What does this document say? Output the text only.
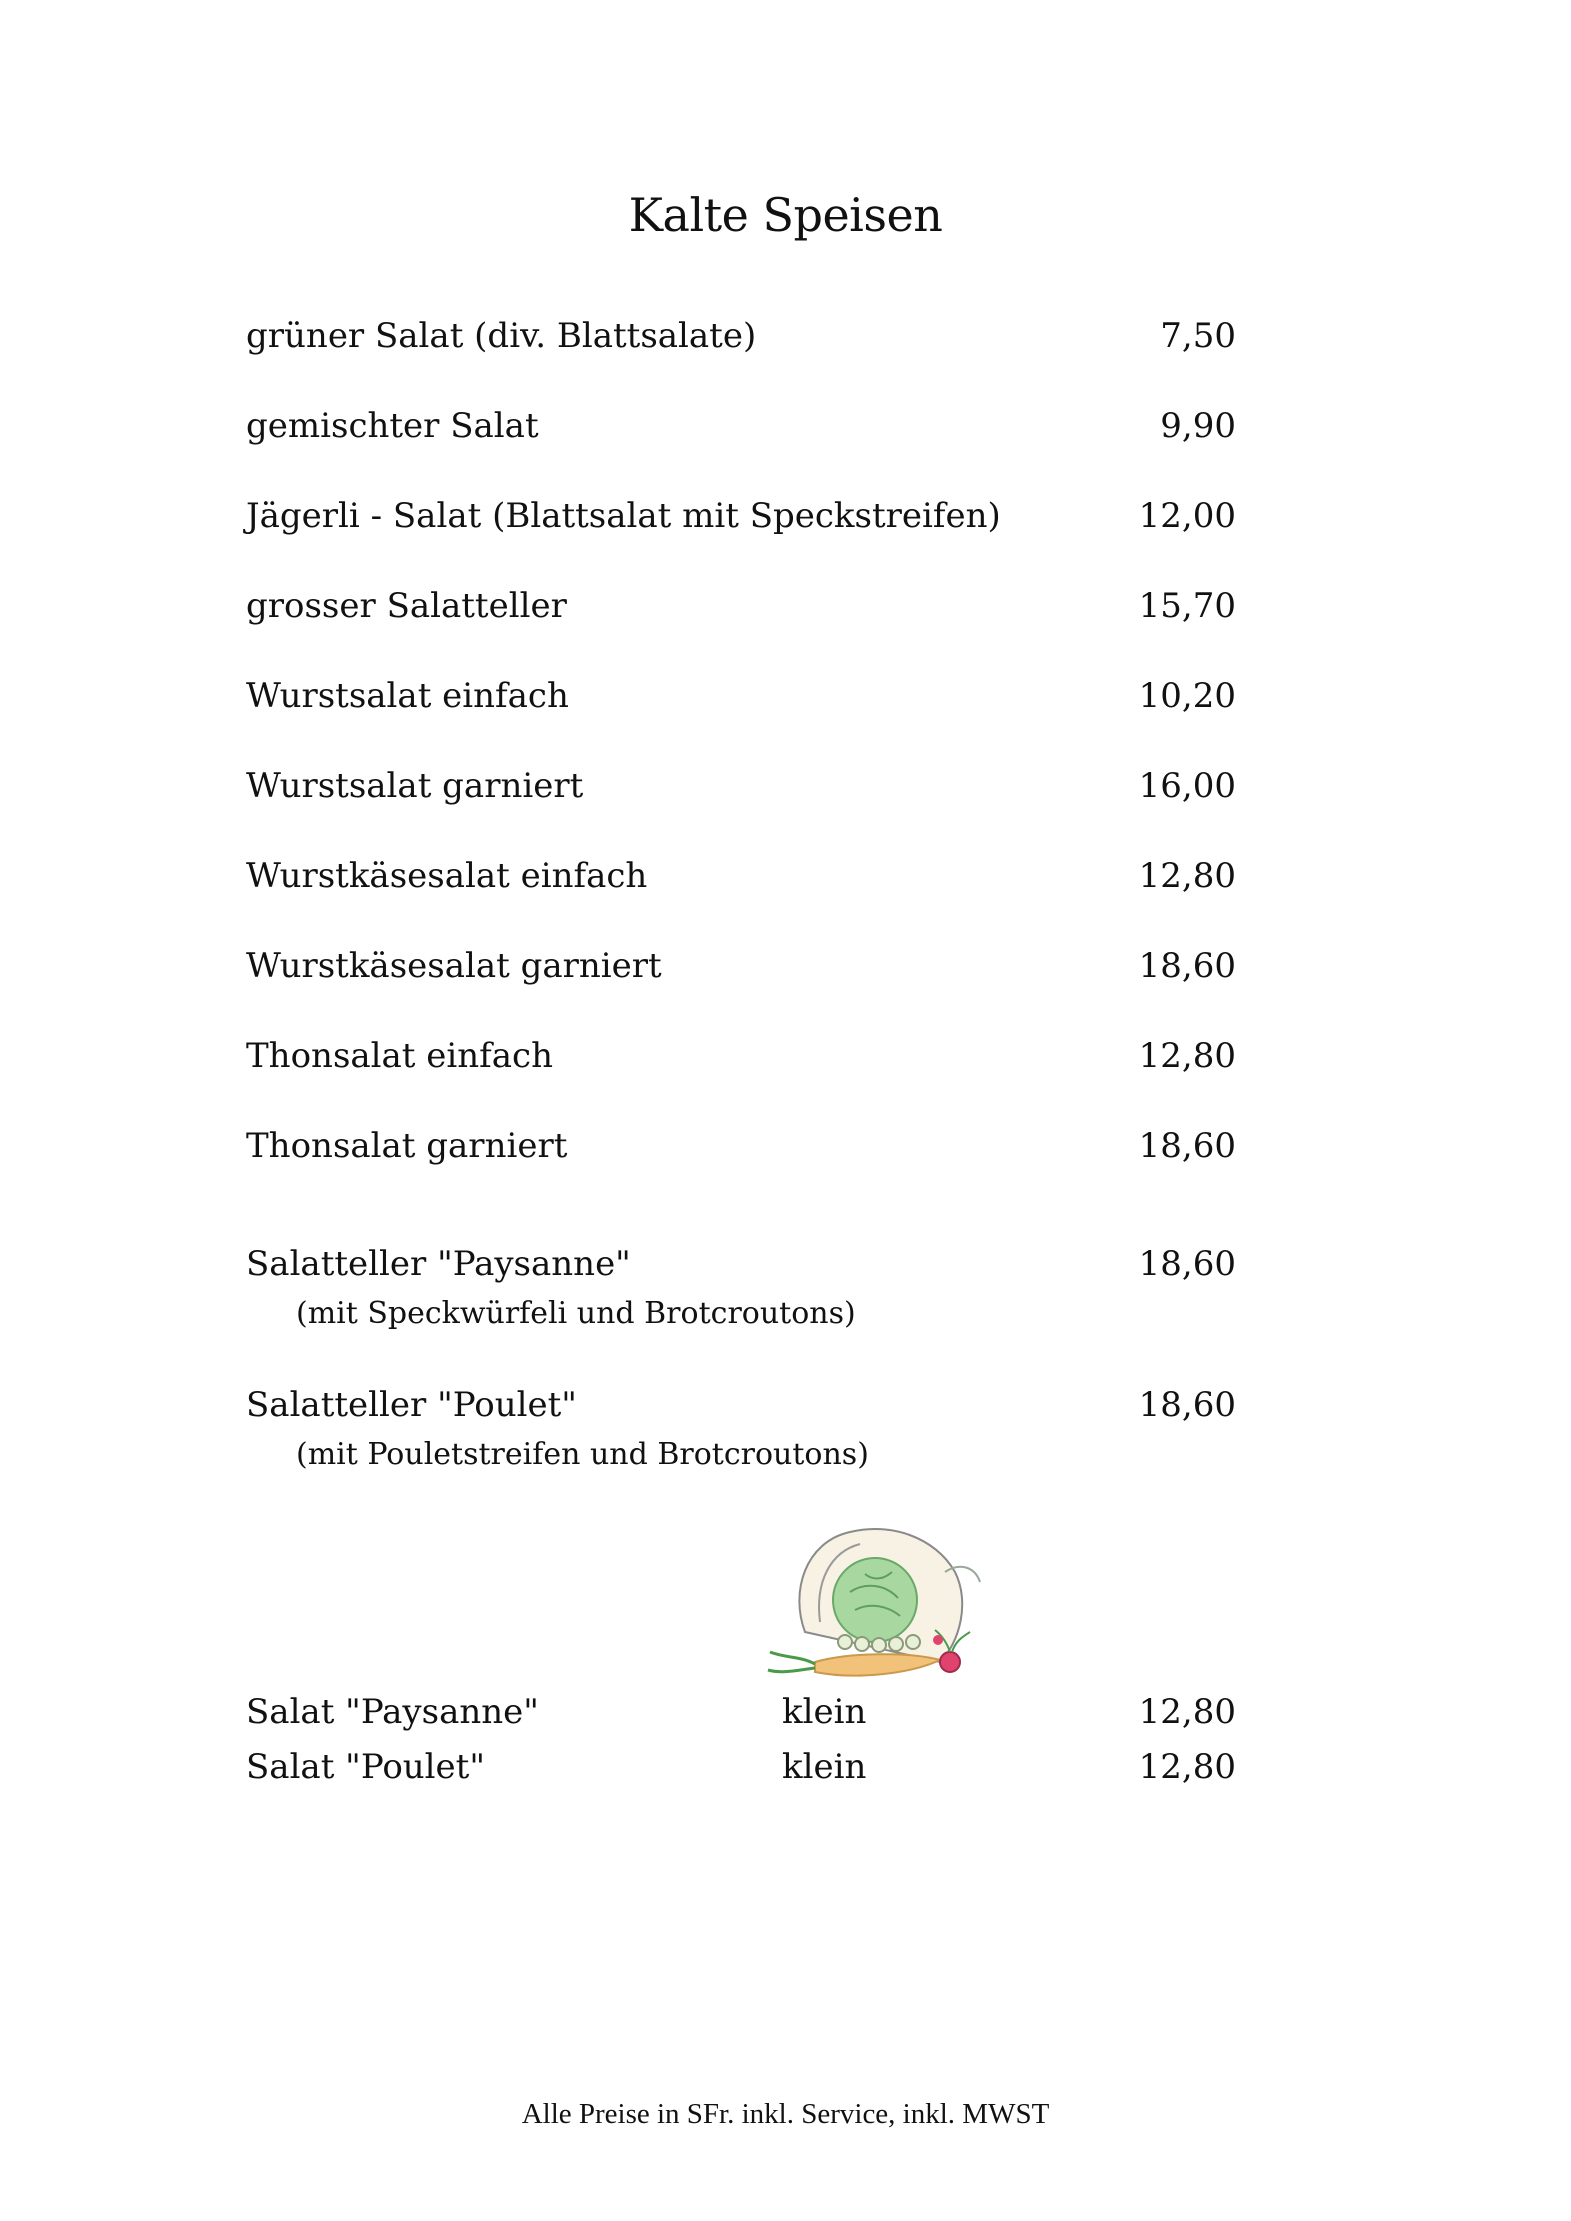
Kalte Speisen
grüner Salat (div. Blattsalate)	7,50
gemischter Salat	9,90
Jägerli - Salat (Blattsalat mit Speckstreifen)	12,00
grosser Salatteller	15,70
Wurstsalat einfach	10,20
Wurstsalat garniert	16,00
Wurstkäsesalat einfach	12,80
Wurstkäsesalat garniert	18,60
Thonsalat einfach	12,80
Thonsalat garniert	18,60
Salatteller "Paysanne"	18,60
(mit Speckwürfeli und Brotcroutons)
Salatteller "Poulet"	18,60
(mit Pouletstreifen und Brotcroutons)
Salat "Paysanne"	klein	12,80
Salat "Poulet"	klein	12,80
Alle Preise in SFr. inkl. Service, inkl. MWST
